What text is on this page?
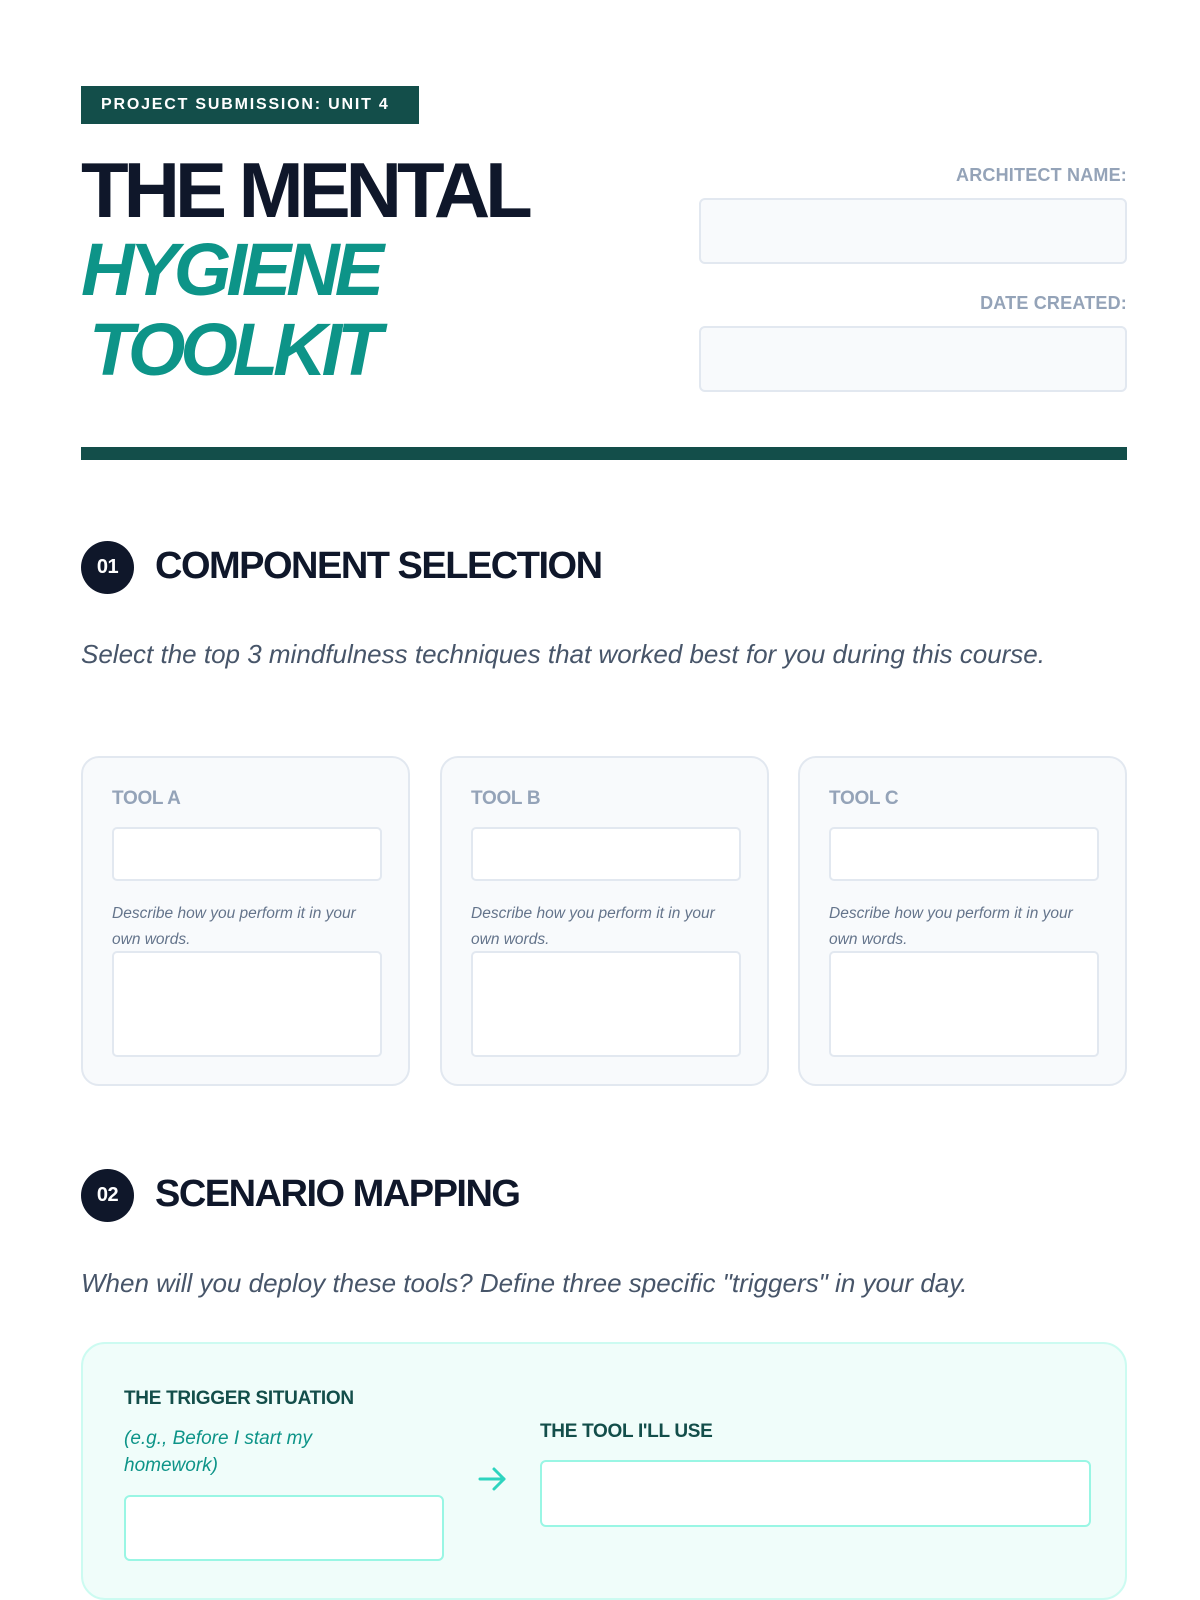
PROJECT SUBMISSION: UNIT 4
THE MENTAL
HYGIENE
TOOLKIT
ARCHITECT NAME:
DATE CREATED:
01 COMPONENT SELECTION
Select the top 3 mindfulness techniques that worked best for you during this course.
TOOL A
Describe how you perform it in your own words.
TOOL B
Describe how you perform it in your own words.
TOOL C
Describe how you perform it in your own words.
02 SCENARIO MAPPING
When will you deploy these tools? Define three specific "triggers" in your day.
THE TRIGGER SITUATION
(e.g., Before I start my homework)
THE TOOL I'LL USE
